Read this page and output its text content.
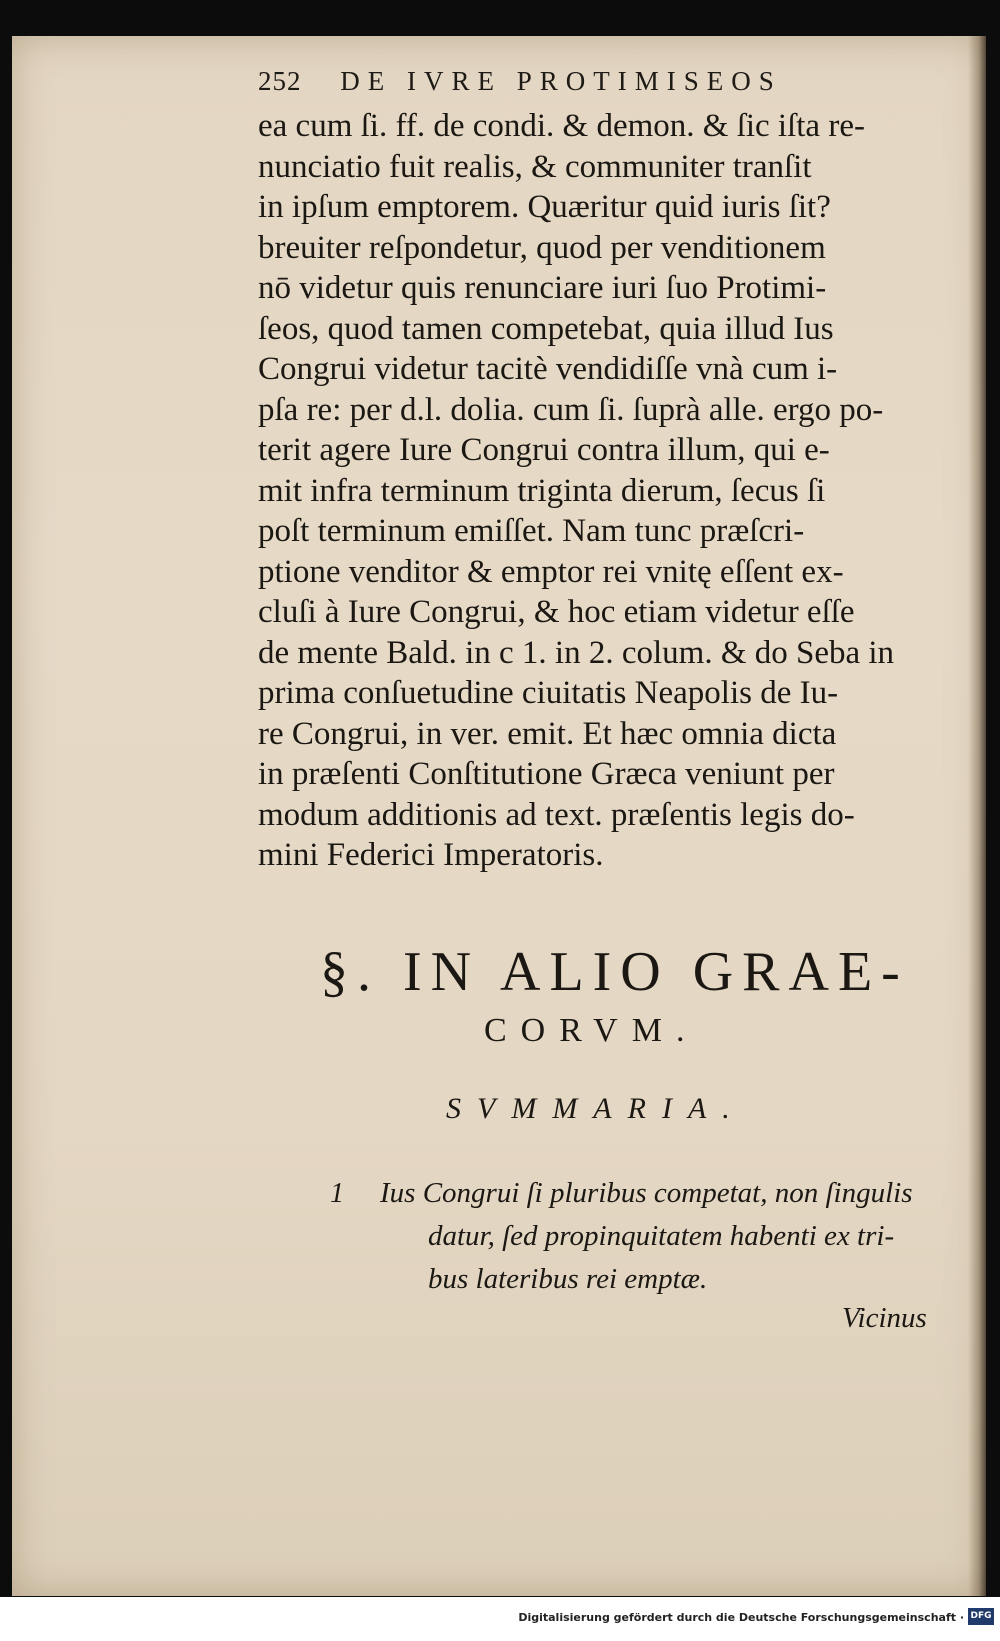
252 DE IVRE PROTIMISEOS
ea cum ſi. ff. de condi. & demon. & ſic iſta re-
nunciatio fuit realis, & communiter tranſit
in ipſum emptorem. Quæritur quid iuris ſit?
breuiter reſpondetur, quod per venditionem
nō videtur quis renunciare iuri ſuo Protimi-
ſeos, quod tamen competebat, quia illud Ius
Congrui videtur tacitè vendidiſſe vnà cum i-
pſa re: per d.l. dolia. cum ſi. ſuprà alle. ergo po-
terit agere Iure Congrui contra illum, qui e-
mit infra terminum triginta dierum, ſecus ſi
poſt terminum emiſſet. Nam tunc præſcri-
ptione venditor & emptor rei vnitę eſſent ex-
cluſi à Iure Congrui, & hoc etiam videtur eſſe
de mente Bald. in c 1. in 2. colum. & do Seba in
prima conſuetudine ciuitatis Neapolis de Iu-
re Congrui, in ver. emit. Et hæc omnia dicta
in præſenti Conſtitutione Græca veniunt per
modum additionis ad text. præſentis legis do-
mini Federici Imperatoris.
§. IN ALIO GRAE-
CORVM.
SVMMARIA.
1 Ius Congrui ſi pluribus competat, non ſingulis
datur, ſed propinquitatem habenti ex tri-
bus lateribus rei emptæ.
Vicinus
Digitalisierung gefördert durch die Deutsche Forschungsgemeinschaft · DFG
